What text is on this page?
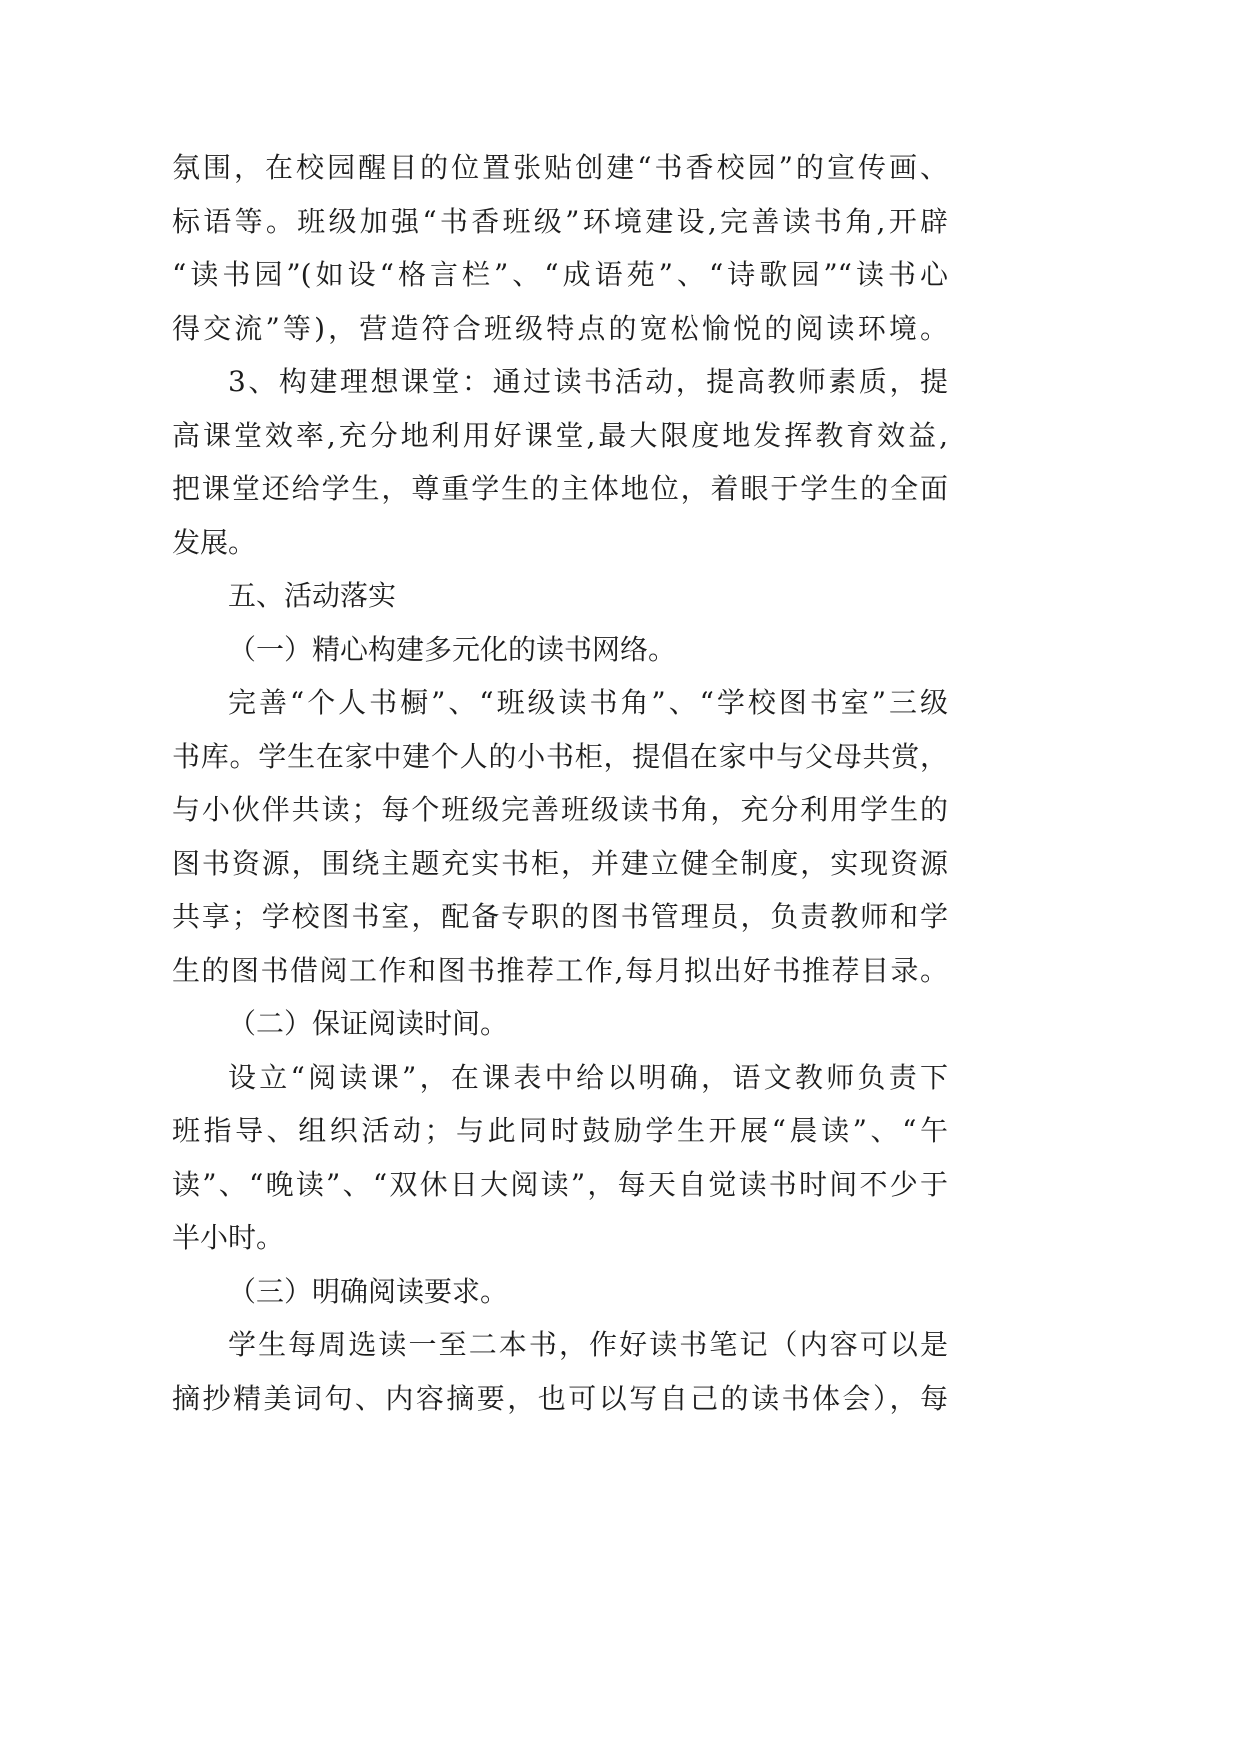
氛围，在校园醒目的位置张贴创建“书香校园”的宣传画、
标语等。班级加强“书香班级”环境建设,完善读书角,开辟
“读书园”(如设“格言栏”、“成语苑”、“诗歌园”“读书心
得交流”等)，营造符合班级特点的宽松愉悦的阅读环境。
3、构建理想课堂：通过读书活动，提高教师素质，提
高课堂效率,充分地利用好课堂,最大限度地发挥教育效益,
把课堂还给学生，尊重学生的主体地位，着眼于学生的全面
发展。
五、活动落实
（一）精心构建多元化的读书网络。
完善“个人书橱”、“班级读书角”、“学校图书室”三级
书库。学生在家中建个人的小书柜，提倡在家中与父母共赏，
与小伙伴共读；每个班级完善班级读书角，充分利用学生的
图书资源，围绕主题充实书柜，并建立健全制度，实现资源
共享；学校图书室，配备专职的图书管理员，负责教师和学
生的图书借阅工作和图书推荐工作,每月拟出好书推荐目录。
（二）保证阅读时间。
设立“阅读课”，在课表中给以明确，语文教师负责下
班指导、组织活动；与此同时鼓励学生开展“晨读”、“午
读”、“晚读”、“双休日大阅读”，每天自觉读书时间不少于
半小时。
（三）明确阅读要求。
学生每周选读一至二本书，作好读书笔记（内容可以是
摘抄精美词句、内容摘要，也可以写自己的读书体会），每
